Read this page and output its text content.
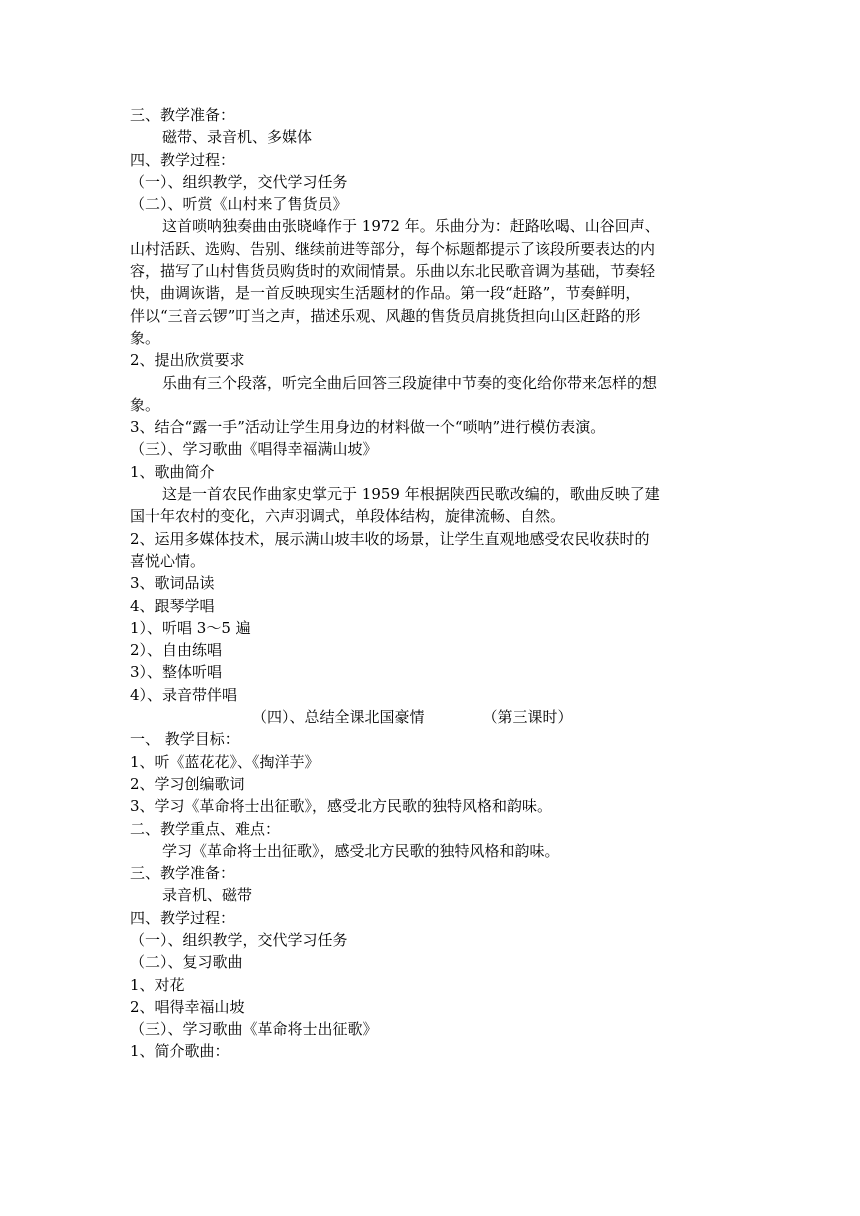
三、教学准备：
磁带、录音机、多媒体
四、教学过程：
（一）、组织教学，交代学习任务
（二）、听赏《山村来了售货员》
这首唢呐独奏曲由张晓峰作于 1972 年。乐曲分为：赶路吆喝、山谷回声、
山村活跃、选购、告别、继续前进等部分，每个标题都提示了该段所要表达的内
容，描写了山村售货员购货时的欢闹情景。乐曲以东北民歌音调为基础，节奏轻
快，曲调诙谐，是一首反映现实生活题材的作品。第一段“赶路”，节奏鲜明，
伴以“三音云锣”叮当之声，描述乐观、风趣的售货员肩挑货担向山区赶路的形
象。
2、提出欣赏要求
乐曲有三个段落，听完全曲后回答三段旋律中节奏的变化给你带来怎样的想
象。
3、结合“露一手”活动让学生用身边的材料做一个“唢呐”进行模仿表演。
（三）、学习歌曲《唱得幸福满山坡》
1、歌曲简介
这是一首农民作曲家史掌元于 1959 年根据陕西民歌改编的，歌曲反映了建
国十年农村的变化，六声羽调式，单段体结构，旋律流畅、自然。
2、运用多媒体技术，展示满山坡丰收的场景，让学生直观地感受农民收获时的
喜悦心情。
3、歌词品读
4、跟琴学唱
1）、听唱 3～5 遍
2）、自由练唱
3）、整体听唱
4）、录音带伴唱
（四）、总结全课北国豪情	（第三课时）
一、 教学目标：
1、听《蓝花花》、《掏洋芋》
2、学习创编歌词
3、学习《革命将士出征歌》，感受北方民歌的独特风格和韵味。
二、教学重点、难点：
学习《革命将士出征歌》，感受北方民歌的独特风格和韵味。
三、教学准备：
录音机、磁带
四、教学过程：
（一）、组织教学，交代学习任务
（二）、复习歌曲
1、对花
2、唱得幸福山坡
（三）、学习歌曲《革命将士出征歌》
1、简介歌曲：
